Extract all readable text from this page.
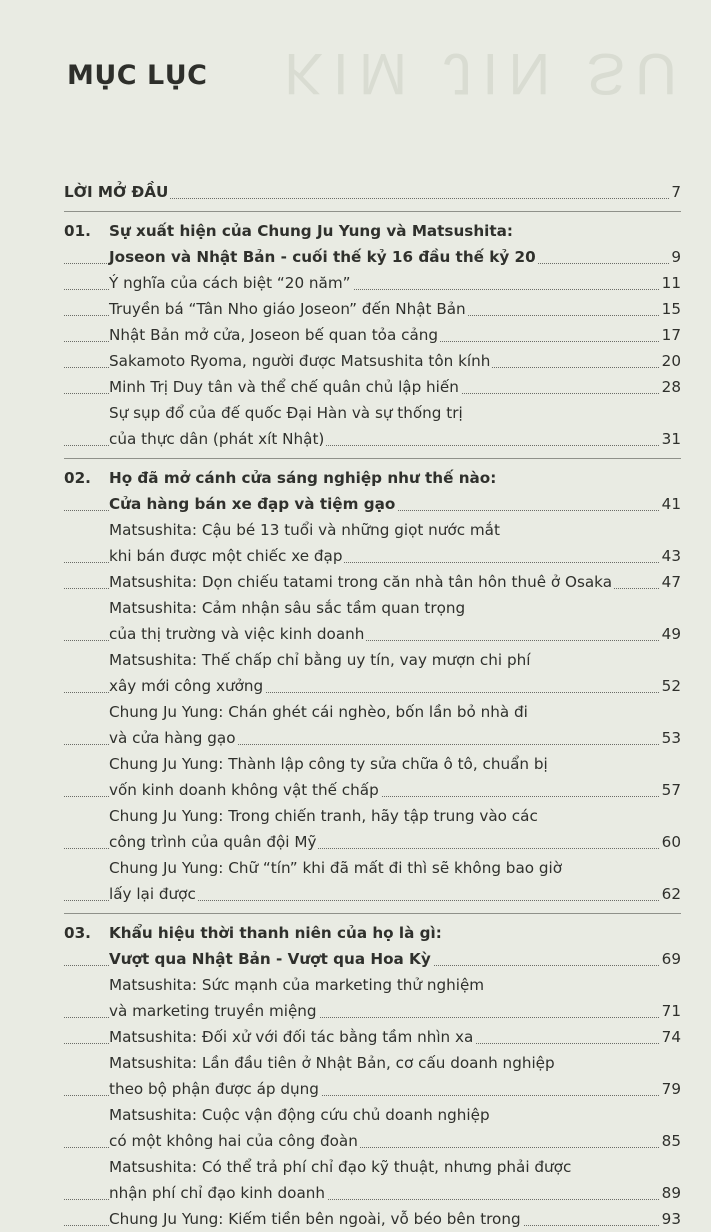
KIM JIN SU
MỤC LỤC
LỜI MỞ ĐẦU	7
01. Sự xuất hiện của Chung Ju Yung và Matsushita:
Joseon và Nhật Bản - cuối thế kỷ 16 đầu thế kỷ 20	9
Ý nghĩa của cách biệt “20 năm”	11
Truyền bá “Tân Nho giáo Joseon” đến Nhật Bản	15
Nhật Bản mở cửa, Joseon bế quan tỏa cảng	17
Sakamoto Ryoma, người được Matsushita tôn kính	20
Minh Trị Duy tân và thể chế quân chủ lập hiến	28
Sự sụp đổ của đế quốc Đại Hàn và sự thống trị
của thực dân (phát xít Nhật)	31
02. Họ đã mở cánh cửa sáng nghiệp như thế nào:
Cửa hàng bán xe đạp và tiệm gạo	41
Matsushita: Cậu bé 13 tuổi và những giọt nước mắt
khi bán được một chiếc xe đạp	43
Matsushita: Dọn chiếu tatami trong căn nhà tân hôn thuê ở Osaka	47
Matsushita: Cảm nhận sâu sắc tầm quan trọng
của thị trường và việc kinh doanh	49
Matsushita: Thế chấp chỉ bằng uy tín, vay mượn chi phí
xây mới công xưởng	52
Chung Ju Yung: Chán ghét cái nghèo, bốn lần bỏ nhà đi
và cửa hàng gạo	53
Chung Ju Yung: Thành lập công ty sửa chữa ô tô, chuẩn bị
vốn kinh doanh không vật thế chấp	57
Chung Ju Yung: Trong chiến tranh, hãy tập trung vào các
công trình của quân đội Mỹ	60
Chung Ju Yung: Chữ “tín” khi đã mất đi thì sẽ không bao giờ
lấy lại được	62
03. Khẩu hiệu thời thanh niên của họ là gì:
Vượt qua Nhật Bản - Vượt qua Hoa Kỳ	69
Matsushita: Sức mạnh của marketing thử nghiệm
và marketing truyền miệng	71
Matsushita: Đối xử với đối tác bằng tầm nhìn xa	74
Matsushita: Lần đầu tiên ở Nhật Bản, cơ cấu doanh nghiệp
theo bộ phận được áp dụng	79
Matsushita: Cuộc vận động cứu chủ doanh nghiệp
có một không hai của công đoàn	85
Matsushita: Có thể trả phí chỉ đạo kỹ thuật, nhưng phải được
nhận phí chỉ đạo kinh doanh	89
Chung Ju Yung: Kiếm tiền bên ngoài, vỗ béo bên trong	93
